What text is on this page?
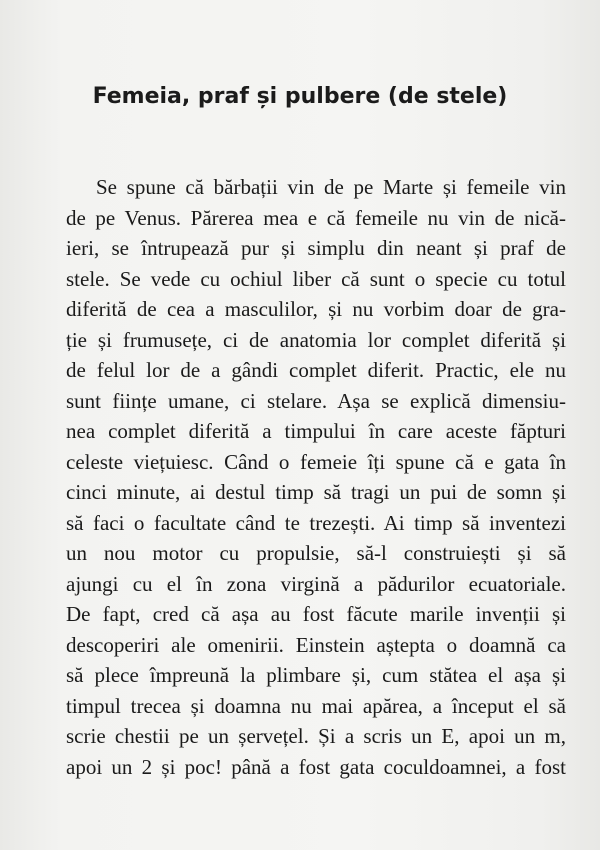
Femeia, praf și pulbere (de stele)
Se spune că bărbații vin de pe Marte și femeile vin
de pe Venus. Părerea mea e că femeile nu vin de nică-
ieri, se întrupează pur și simplu din neant și praf de
stele. Se vede cu ochiul liber că sunt o specie cu totul
diferită de cea a masculilor, și nu vorbim doar de gra-
ție și frumusețe, ci de anatomia lor complet diferită și
de felul lor de a gândi complet diferit. Practic, ele nu
sunt ființe umane, ci stelare. Așa se explică dimensiu-
nea complet diferită a timpului în care aceste făpturi
celeste viețuiesc. Când o femeie îți spune că e gata în
cinci minute, ai destul timp să tragi un pui de somn și
să faci o facultate când te trezești. Ai timp să inventezi
un nou motor cu propulsie, să-l construiești și să
ajungi cu el în zona virgină a pădurilor ecuatoriale.
De fapt, cred că așa au fost făcute marile invenții și
descoperiri ale omenirii. Einstein aștepta o doamnă ca
să plece împreună la plimbare și, cum stătea el așa și
timpul trecea și doamna nu mai apărea, a început el să
scrie chestii pe un șervețel. Și a scris un E, apoi un m,
apoi un 2 și poc! până a fost gata coculdoamnei, a fost
